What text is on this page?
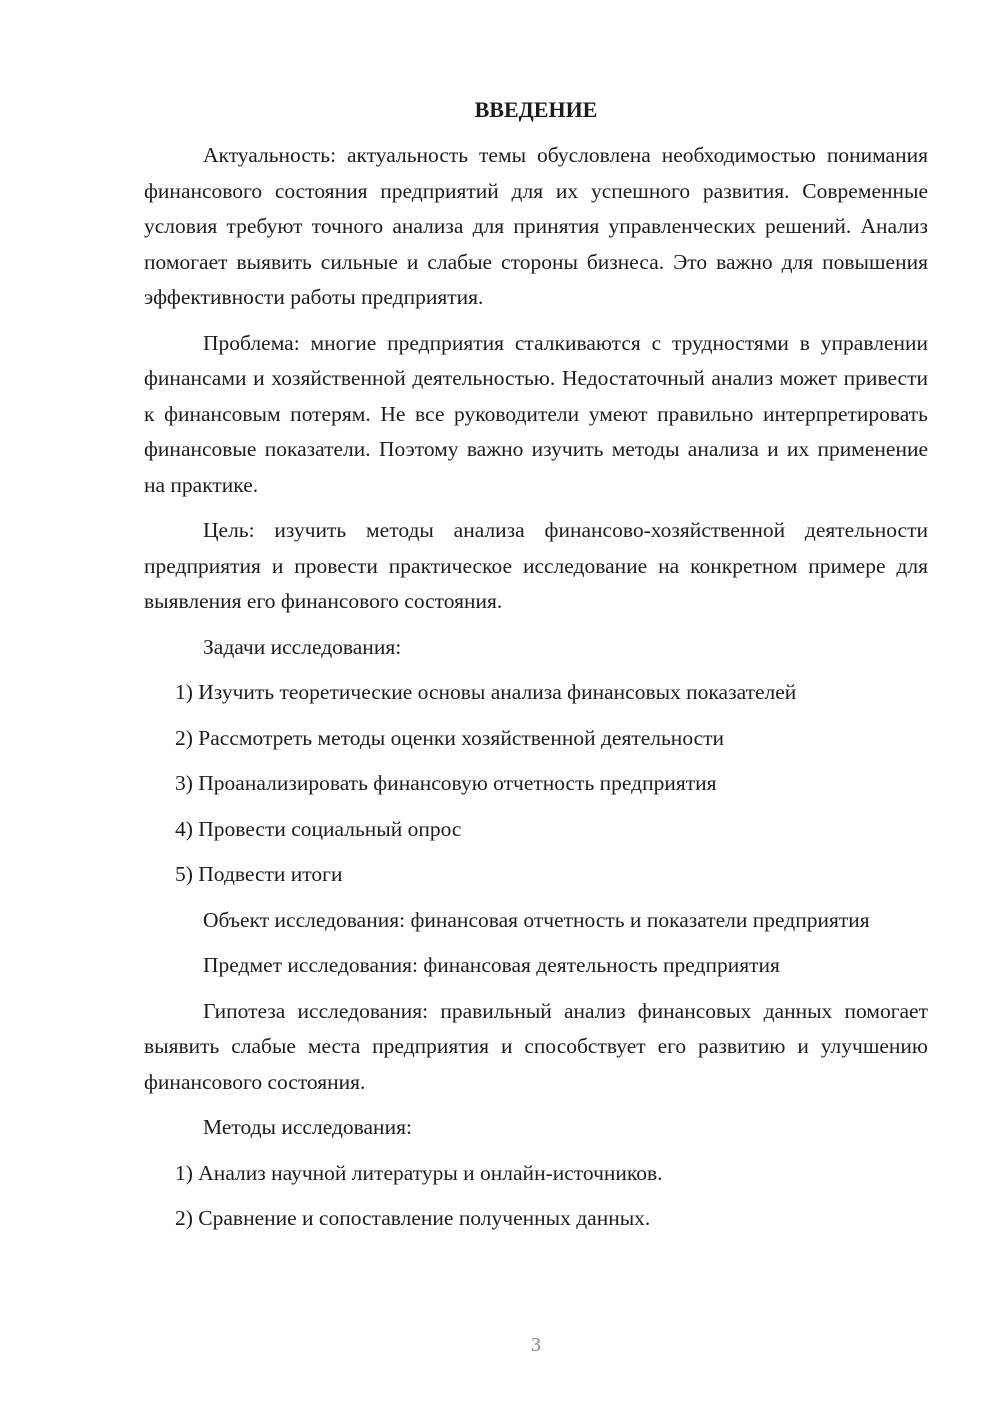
ВВЕДЕНИЕ

Актуальность: актуальность темы обусловлена необходимостью понимания финансового состояния предприятий для их успешного развития. Современные условия требуют точного анализа для принятия управленческих решений. Анализ помогает выявить сильные и слабые стороны бизнеса. Это важно для повышения эффективности работы предприятия.

Проблема: многие предприятия сталкиваются с трудностями в управлении финансами и хозяйственной деятельностью. Недостаточный анализ может привести к финансовым потерям. Не все руководители умеют правильно интерпретировать финансовые показатели. Поэтому важно изучить методы анализа и их применение на практике.

Цель: изучить методы анализа финансово-хозяйственной деятельности предприятия и провести практическое исследование на конкретном примере для выявления его финансового состояния.

Задачи исследования:

1) Изучить теоретические основы анализа финансовых показателей
2) Рассмотреть методы оценки хозяйственной деятельности
3) Проанализировать финансовую отчетность предприятия
4) Провести социальный опрос
5) Подвести итоги

Объект исследования: финансовая отчетность и показатели предприятия

Предмет исследования: финансовая деятельность предприятия

Гипотеза исследования: правильный анализ финансовых данных помогает выявить слабые места предприятия и способствует его развитию и улучшению финансового состояния.

Методы исследования:

1) Анализ научной литературы и онлайн-источников.
2) Сравнение и сопоставление полученных данных.
3
